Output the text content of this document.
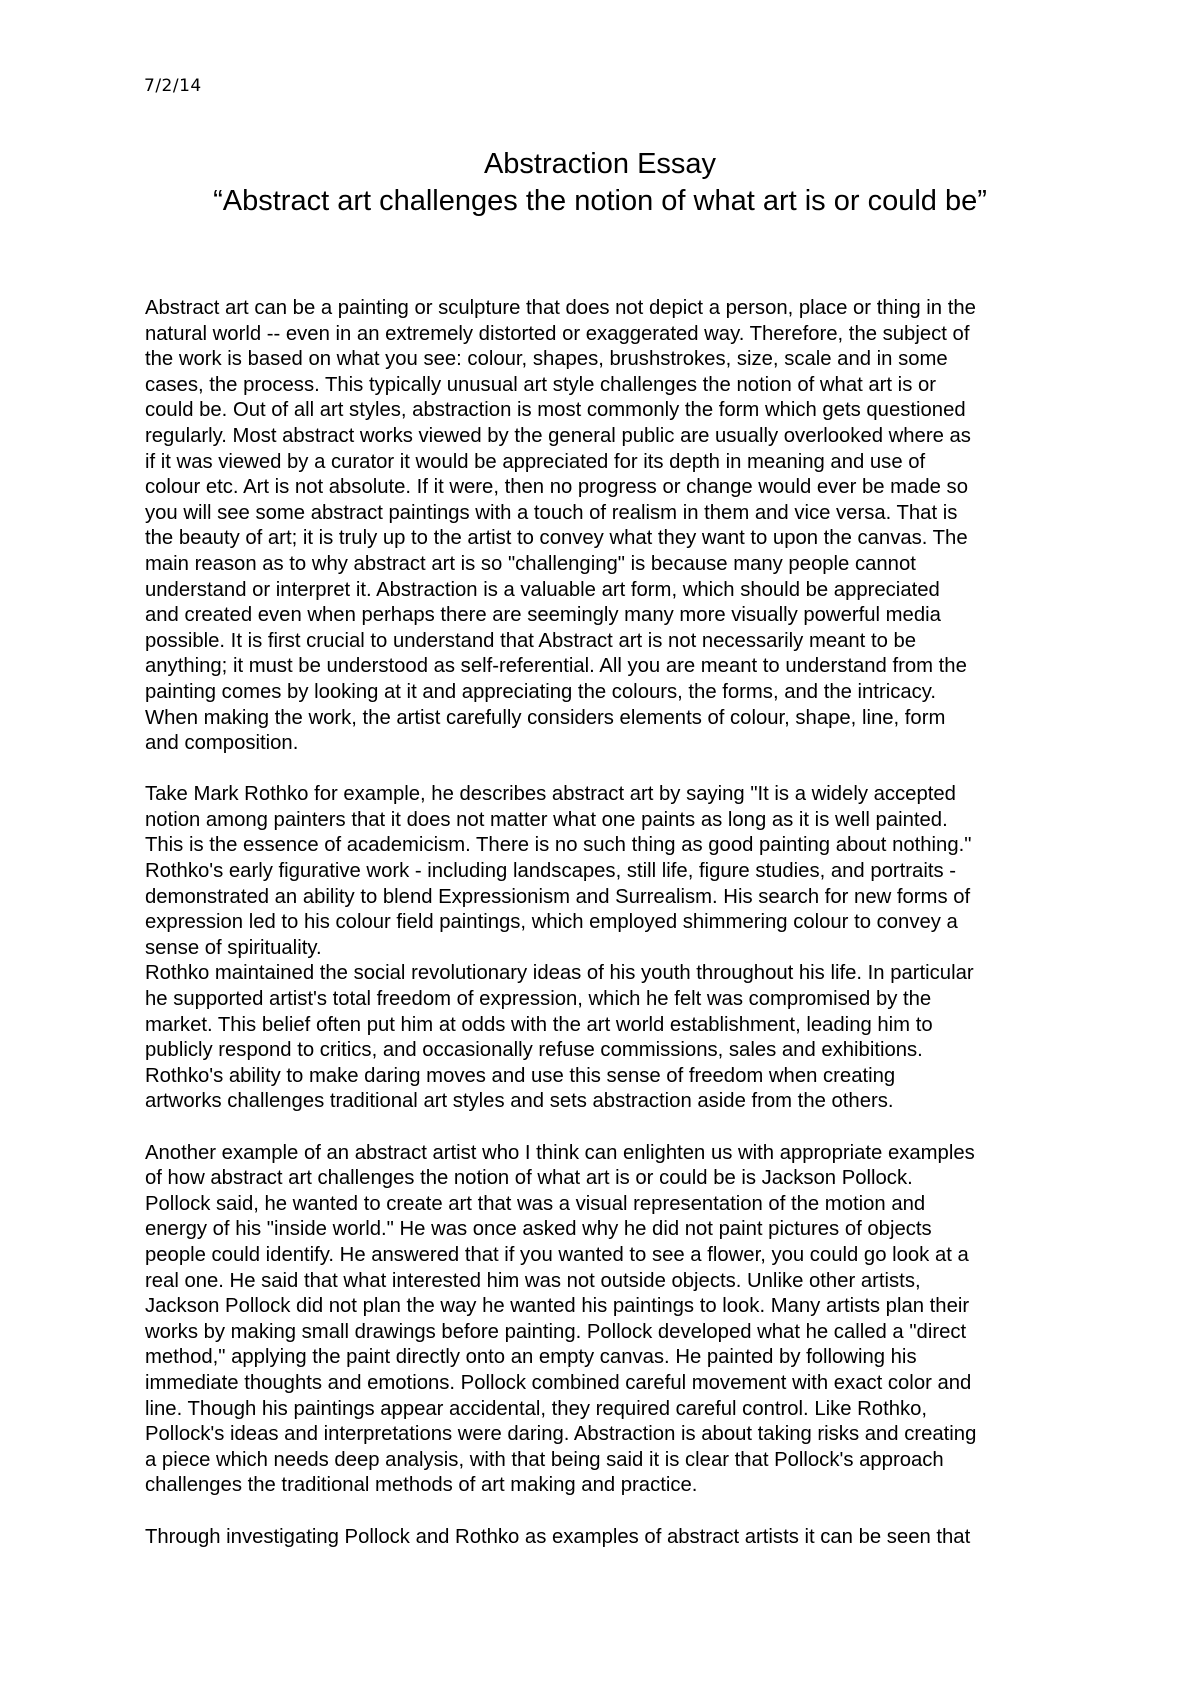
7/2/14
Abstraction Essay
“Abstract art challenges the notion of what art is or could be”

Abstract art can be a painting or sculpture that does not depict a person, place or thing in the
natural world -- even in an extremely distorted or exaggerated way. Therefore, the subject of
the work is based on what you see: colour, shapes, brushstrokes, size, scale and in some
cases, the process. This typically unusual art style challenges the notion of what art is or
could be. Out of all art styles, abstraction is most commonly the form which gets questioned
regularly. Most abstract works viewed by the general public are usually overlooked where as
if it was viewed by a curator it would be appreciated for its depth in meaning and use of
colour etc. Art is not absolute. If it were, then no progress or change would ever be made so
you will see some abstract paintings with a touch of realism in them and vice versa. That is
the beauty of art; it is truly up to the artist to convey what they want to upon the canvas. The
main reason as to why abstract art is so "challenging" is because many people cannot
understand or interpret it. Abstraction is a valuable art form, which should be appreciated
and created even when perhaps there are seemingly many more visually powerful media
possible. It is first crucial to understand that Abstract art is not necessarily meant to be
anything; it must be understood as self-referential. All you are meant to understand from the
painting comes by looking at it and appreciating the colours, the forms, and the intricacy.
When making the work, the artist carefully considers elements of colour, shape, line, form
and composition.

Take Mark Rothko for example, he describes abstract art by saying "It is a widely accepted
notion among painters that it does not matter what one paints as long as it is well painted.
This is the essence of academicism. There is no such thing as good painting about nothing."
Rothko's early figurative work - including landscapes, still life, figure studies, and portraits -
demonstrated an ability to blend Expressionism and Surrealism. His search for new forms of
expression led to his colour field paintings, which employed shimmering colour to convey a
sense of spirituality.

Rothko maintained the social revolutionary ideas of his youth throughout his life. In particular
he supported artist's total freedom of expression, which he felt was compromised by the
market. This belief often put him at odds with the art world establishment, leading him to
publicly respond to critics, and occasionally refuse commissions, sales and exhibitions.
Rothko's ability to make daring moves and use this sense of freedom when creating
artworks challenges traditional art styles and sets abstraction aside from the others.

Another example of an abstract artist who I think can enlighten us with appropriate examples
of how abstract art challenges the notion of what art is or could be is Jackson Pollock.
Pollock said, he wanted to create art that was a visual representation of the motion and
energy of his "inside world." He was once asked why he did not paint pictures of objects
people could identify. He answered that if you wanted to see a flower, you could go look at a
real one. He said that what interested him was not outside objects. Unlike other artists,
Jackson Pollock did not plan the way he wanted his paintings to look. Many artists plan their
works by making small drawings before painting. Pollock developed what he called a "direct
method," applying the paint directly onto an empty canvas. He painted by following his
immediate thoughts and emotions. Pollock combined careful movement with exact color and
line. Though his paintings appear accidental, they required careful control. Like Rothko,
Pollock's ideas and interpretations were daring. Abstraction is about taking risks and creating
a piece which needs deep analysis, with that being said it is clear that Pollock's approach
challenges the traditional methods of art making and practice.

Through investigating Pollock and Rothko as examples of abstract artists it can be seen that
